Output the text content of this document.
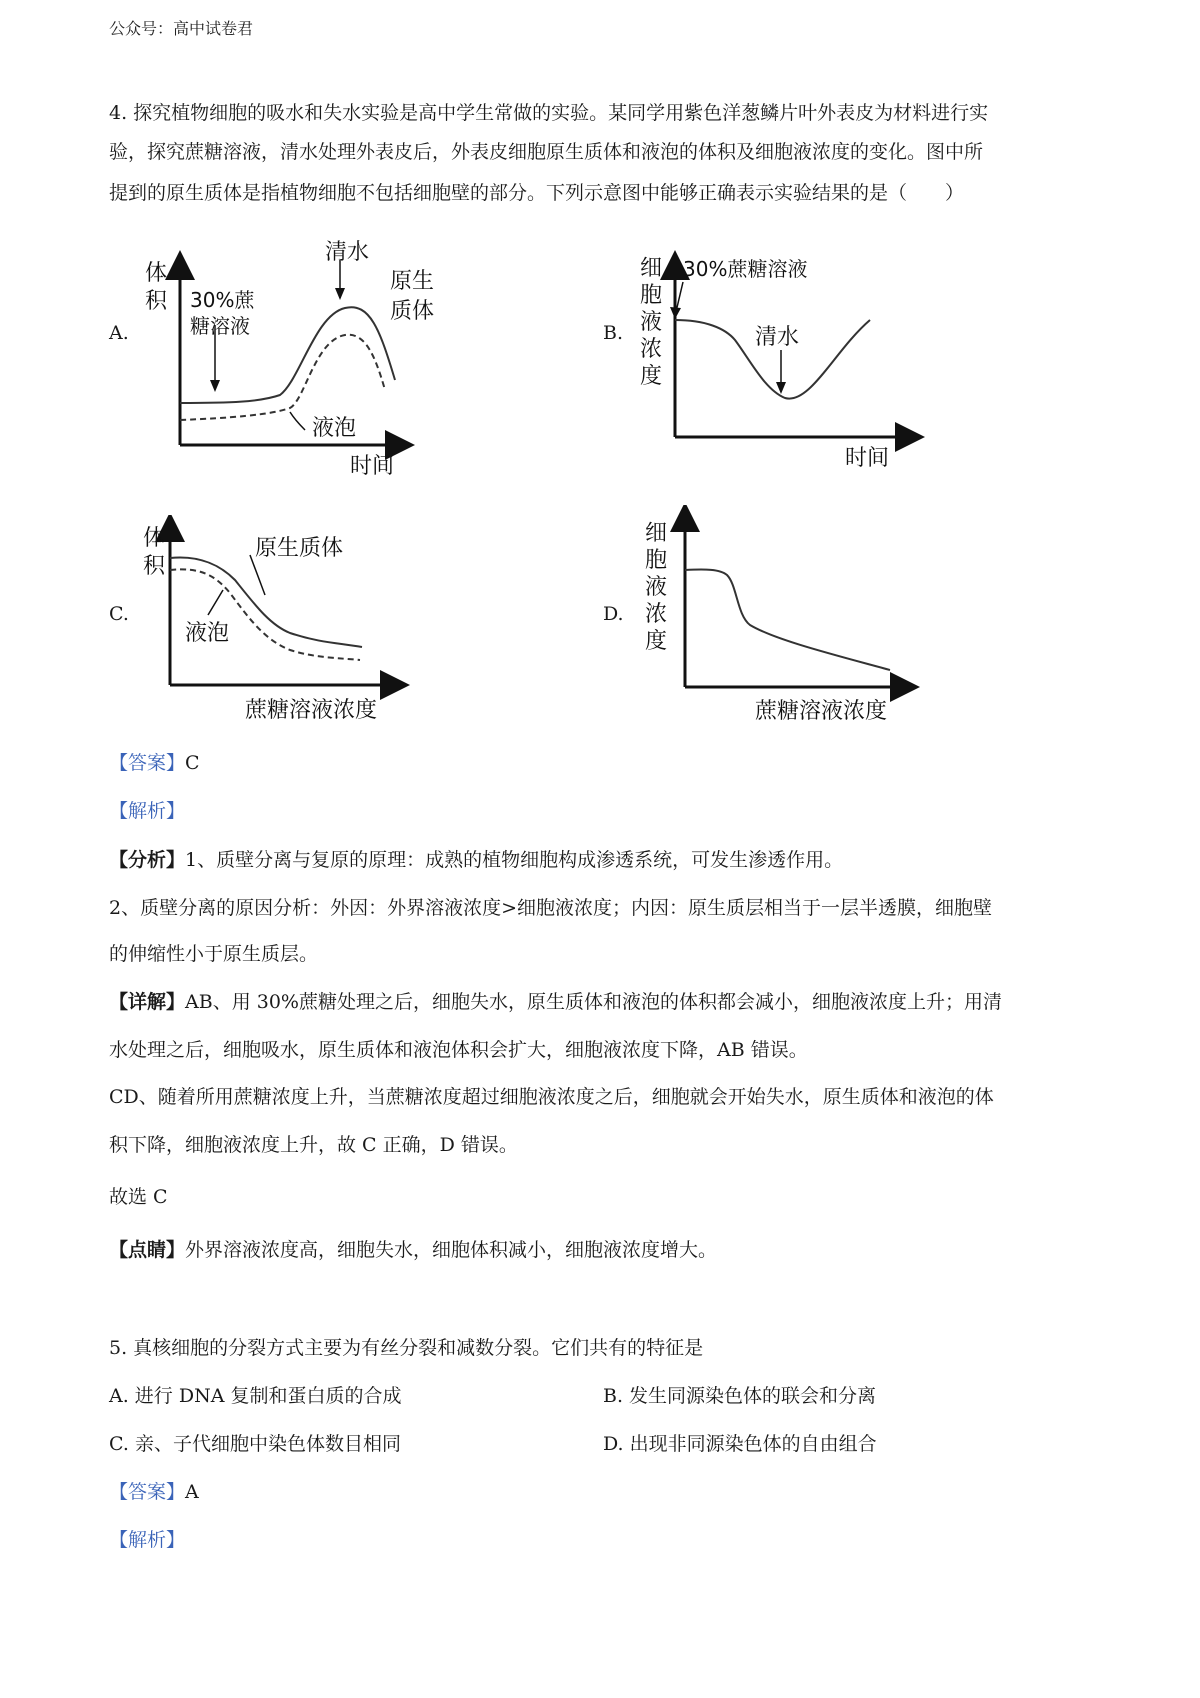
公众号：高中试卷君
4. 探究植物细胞的吸水和失水实验是高中学生常做的实验。某同学用紫色洋葱鳞片叶外表皮为材料进行实
验，探究蔗糖溶液，清水处理外表皮后，外表皮细胞原生质体和液泡的体积及细胞液浓度的变化。图中所
提到的原生质体是指植物细胞不包括细胞壁的部分。下列示意图中能够正确表示实验结果的是（　　）
A.	B.
C.	D.
体
积
时间
30%蔗
糖溶液
清水
原生
质体
液泡
细
胞
液
浓
度
时间
30%蔗糖溶液
清水
体
积
蔗糖溶液浓度
原生质体
液泡
细
胞
液
浓
度
蔗糖溶液浓度
【答案】C
【解析】
【分析】1、质壁分离与复原的原理：成熟的植物细胞构成渗透系统，可发生渗透作用。
2、质壁分离的原因分析：外因：外界溶液浓度>细胞液浓度；内因：原生质层相当于一层半透膜，细胞壁
的伸缩性小于原生质层。
【详解】AB、用 30%蔗糖处理之后，细胞失水，原生质体和液泡的体积都会减小，细胞液浓度上升；用清
水处理之后，细胞吸水，原生质体和液泡体积会扩大，细胞液浓度下降，AB 错误。
CD、随着所用蔗糖浓度上升，当蔗糖浓度超过细胞液浓度之后，细胞就会开始失水，原生质体和液泡的体
积下降，细胞液浓度上升，故 C 正确，D 错误。
故选 C
【点睛】外界溶液浓度高，细胞失水，细胞体积减小，细胞液浓度增大。
5. 真核细胞的分裂方式主要为有丝分裂和减数分裂。它们共有的特征是
A. 进行 DNA 复制和蛋白质的合成	B. 发生同源染色体的联会和分离
C. 亲、子代细胞中染色体数目相同	D. 出现非同源染色体的自由组合
【答案】A
【解析】
